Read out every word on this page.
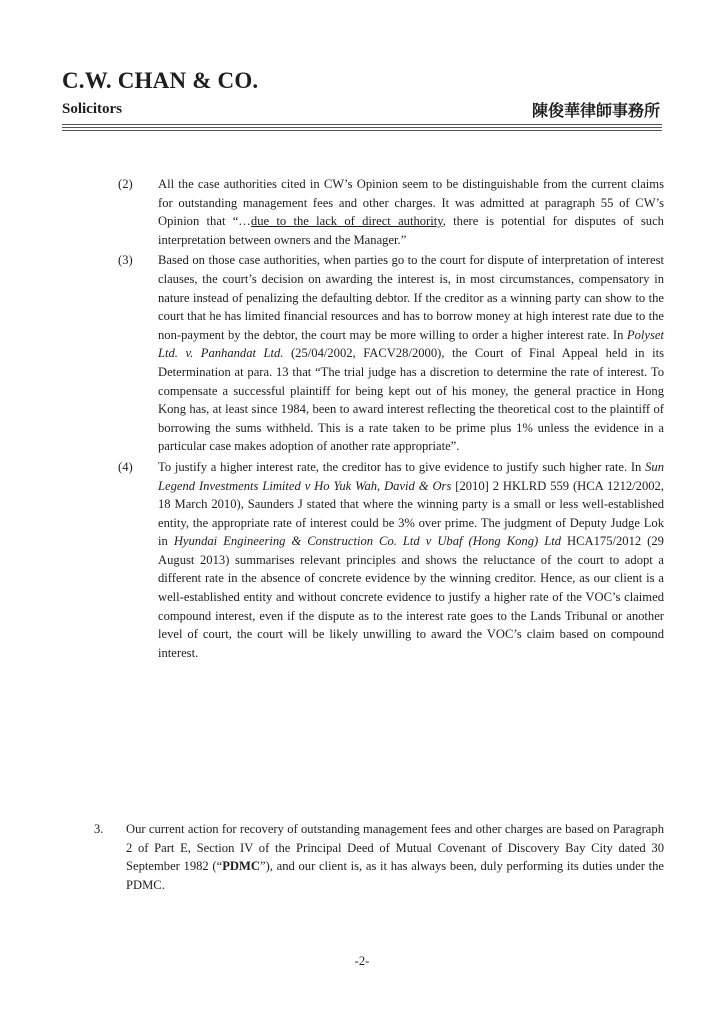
C.W. CHAN & CO.
Solicitors	陳俊華律師事務所
(2)	All the case authorities cited in CW’s Opinion seem to be distinguishable from the current claims for outstanding management fees and other charges. It was admitted at paragraph 55 of CW’s Opinion that “…due to the lack of direct authority, there is potential for disputes of such interpretation between owners and the Manager.”
(3)	Based on those case authorities, when parties go to the court for dispute of interpretation of interest clauses, the court’s decision on awarding the interest is, in most circumstances, compensatory in nature instead of penalizing the defaulting debtor. If the creditor as a winning party can show to the court that he has limited financial resources and has to borrow money at high interest rate due to the non-payment by the debtor, the court may be more willing to order a higher interest rate. In Polyset Ltd. v. Panhandat Ltd. (25/04/2002, FACV28/2000), the Court of Final Appeal held in its Determination at para. 13 that “The trial judge has a discretion to determine the rate of interest. To compensate a successful plaintiff for being kept out of his money, the general practice in Hong Kong has, at least since 1984, been to award interest reflecting the theoretical cost to the plaintiff of borrowing the sums withheld. This is a rate taken to be prime plus 1% unless the evidence in a particular case makes adoption of another rate appropriate”.
(4)	To justify a higher interest rate, the creditor has to give evidence to justify such higher rate. In Sun Legend Investments Limited v Ho Yuk Wah, David & Ors [2010] 2 HKLRD 559 (HCA 1212/2002, 18 March 2010), Saunders J stated that where the winning party is a small or less well-established entity, the appropriate rate of interest could be 3% over prime. The judgment of Deputy Judge Lok in Hyundai Engineering & Construction Co. Ltd v Ubaf (Hong Kong) Ltd HCA175/2012 (29 August 2013) summarises relevant principles and shows the reluctance of the court to adopt a different rate in the absence of concrete evidence by the winning creditor. Hence, as our client is a well-established entity and without concrete evidence to justify a higher rate of the VOC’s claimed compound interest, even if the dispute as to the interest rate goes to the Lands Tribunal or another level of court, the court will be likely unwilling to award the VOC’s claim based on compound interest.
3.	Our current action for recovery of outstanding management fees and other charges are based on Paragraph 2 of Part E, Section IV of the Principal Deed of Mutual Covenant of Discovery Bay City dated 30 September 1982 (“PDMC”), and our client is, as it has always been, duly performing its duties under the PDMC.
-2-
